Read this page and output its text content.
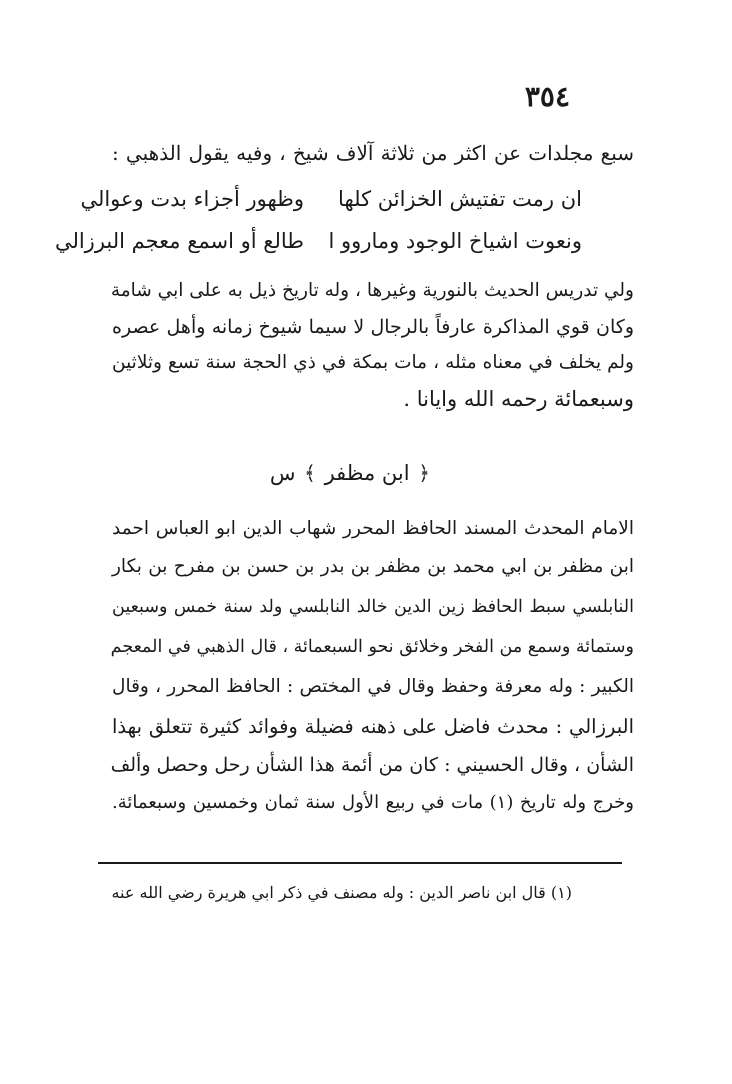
٣٥٤
سبع مجلدات عن اكثر من ثلاثة آلاف شيخ ، وفيه يقول الذهبي :
ان رمت تفتيش الخزائن كلها
وظهور أجزاء بدت وعوالي
ونعوت اشياخ الوجود وماروو ا
طالع أو اسمع معجم البرزالي
ولي تدريس الحديث بالنورية وغيرها ، وله تاريخ ذيل به على ابي شامة
وكان قوي المذاكرة عارفاً بالرجال لا سيما شيوخ زمانه وأهل عصره
ولم يخلف في معناه مثله ، مات بمكة في ذي الحجة سنة تسع وثلاثين
وسبعمائة رحمه الله وايانا .
﴿ ابن مظفر ﴾ س
الامام المحدث المسند الحافظ المحرر شهاب الدين ابو العباس احمد
ابن مظفر بن ابي محمد بن مظفر بن بدر بن حسن بن مفرح بن بكار
النابلسي سبط الحافظ زين الدين خالد النابلسي ولد سنة خمس وسبعين
وستمائة وسمع من الفخر وخلائق نحو السبعمائة ، قال الذهبي في المعجم
الكبير : وله معرفة وحفظ وقال في المختص : الحافظ المحرر ، وقال
البرزالي : محدث فاضل على ذهنه فضيلة وفوائد كثيرة تتعلق بهذا
الشأن ، وقال الحسيني : كان من أئمة هذا الشأن رحل وحصل وألف
وخرج وله تاريخ (١) مات في ربيع الأول سنة ثمان وخمسين وسبعمائة.
(١) قال ابن ناصر الدين : وله مصنف في ذكر ابي هريرة رضي الله عنه
